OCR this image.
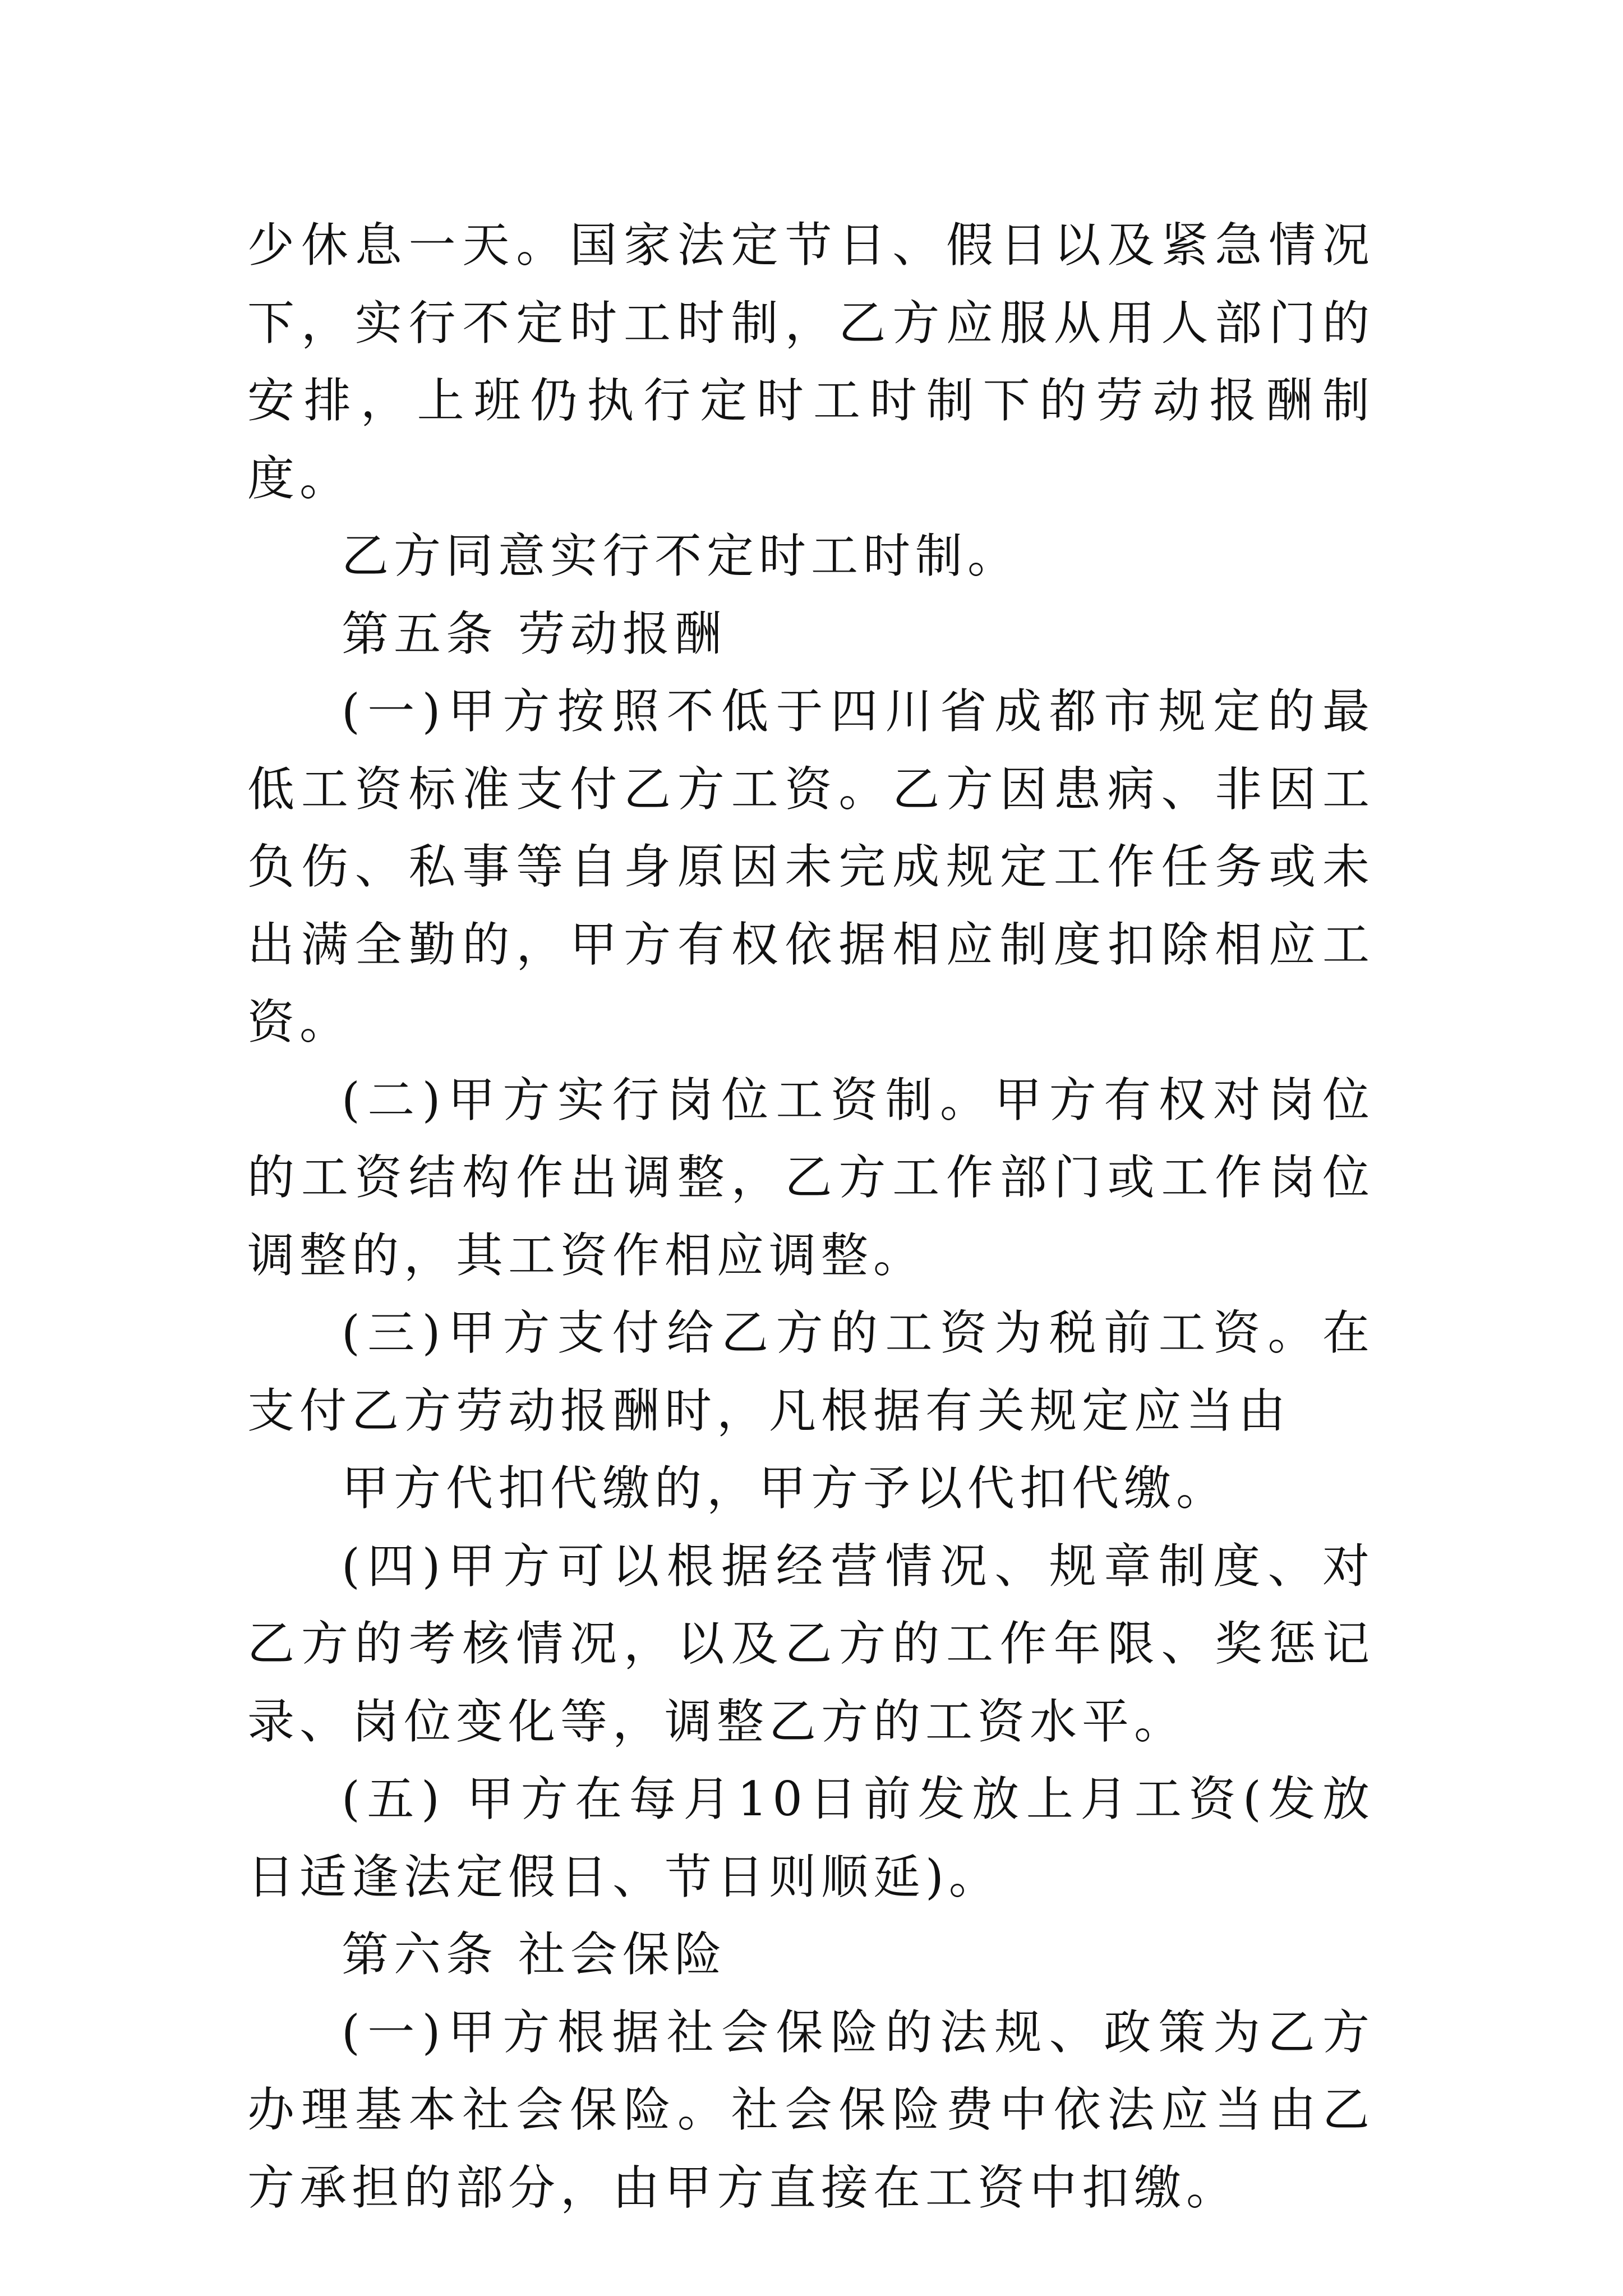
少休息一天。国家法定节日、假日以及紧急情况下，实行不定时工时制，乙方应服从用人部门的安排，上班仍执行定时工时制下的劳动报酬制度。

乙方同意实行不定时工时制。

第五条 劳动报酬

(一)甲方按照不低于四川省成都市规定的最低工资标准支付乙方工资。乙方因患病、非因工负伤、私事等自身原因未完成规定工作任务或未出满全勤的，甲方有权依据相应制度扣除相应工资。

(二)甲方实行岗位工资制。甲方有权对岗位的工资结构作出调整，乙方工作部门或工作岗位调整的，其工资作相应调整。

(三)甲方支付给乙方的工资为税前工资。在支付乙方劳动报酬时，凡根据有关规定应当由

甲方代扣代缴的，甲方予以代扣代缴。

(四)甲方可以根据经营情况、规章制度、对乙方的考核情况，以及乙方的工作年限、奖惩记录、岗位变化等，调整乙方的工资水平。

(五) 甲方在每月10日前发放上月工资(发放日适逢法定假日、节日则顺延)。

第六条 社会保险

(一)甲方根据社会保险的法规、政策为乙方办理基本社会保险。社会保险费中依法应当由乙方承担的部分，由甲方直接在工资中扣缴。
